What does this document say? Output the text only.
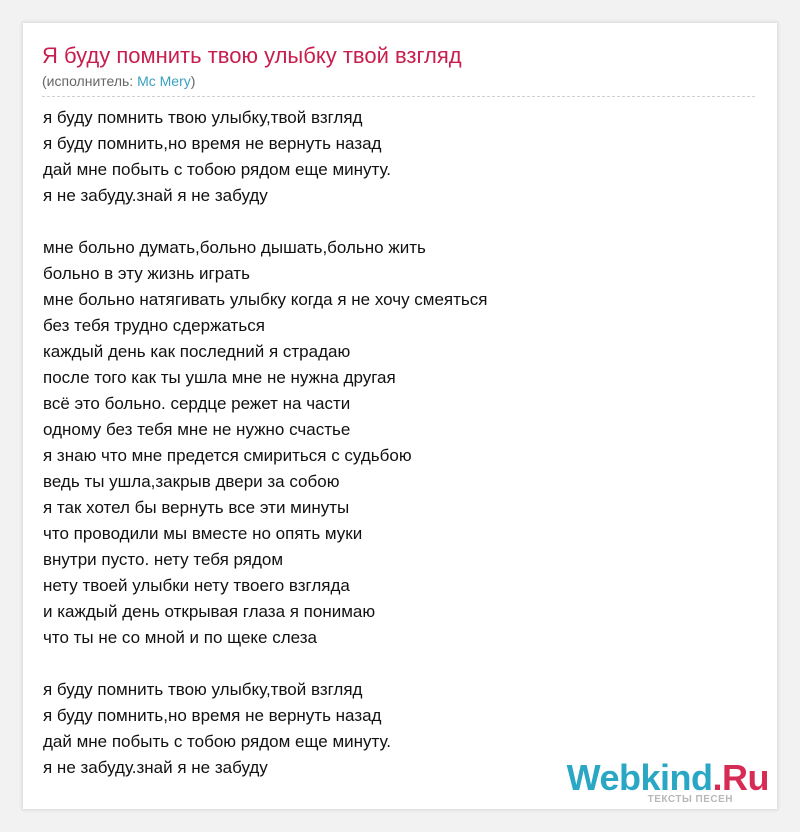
Я буду помнить твою улыбку твой взгляд
(исполнитель: Mc Mery)
я буду помнить твою улыбку,твой взгляд
я буду помнить,но время не вернуть назад
дай мне побыть с тобою рядом еще минуту.
я не забуду.знай я не забуду
мне больно думать,больно дышать,больно жить
больно в эту жизнь играть
мне больно натягивать улыбку когда я не хочу смеяться
без тебя трудно сдержаться
каждый день как последний я страдаю
после того как ты ушла мне не нужна другая
всё это больно. сердце режет на части
одному без тебя мне не нужно счастье
я знаю что мне предется смириться с судьбою
ведь ты ушла,закрыв двери за собою
я так хотел бы вернуть все эти минуты
что проводили мы вместе но опять муки
внутри пусто. нету тебя рядом
нету твоей улыбки нету твоего взгляда
и каждый день открывая глаза я понимаю
что ты не со мной и по щеке слеза
я буду помнить твою улыбку,твой взгляд
я буду помнить,но время не вернуть назад
дай мне побыть с тобою рядом еще минуту.
я не забуду.знай я не забуду	Webkind.Ru
ТЕКСТЫ ПЕСЕН
